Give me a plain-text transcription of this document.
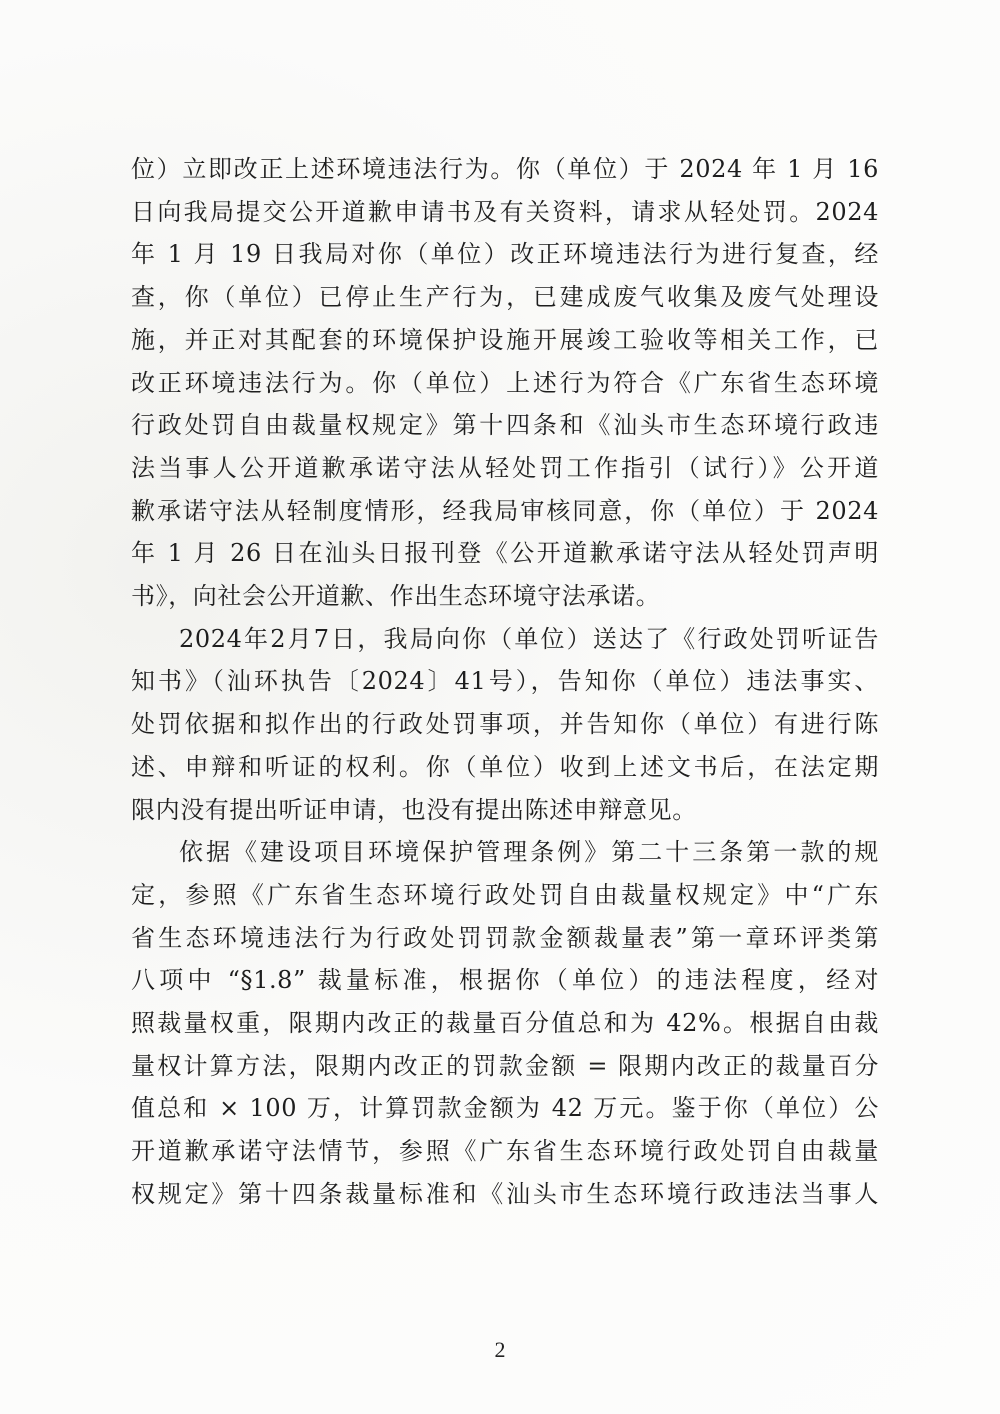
位）立即改正上述环境违法行为。你（单位）于 2024 年 1 月 16
日向我局提交公开道歉申请书及有关资料，请求从轻处罚。2024
年 1 月 19 日我局对你（单位）改正环境违法行为进行复查，经
查，你（单位）已停止生产行为，已建成废气收集及废气处理设
施，并正对其配套的环境保护设施开展竣工验收等相关工作，已
改正环境违法行为。你（单位）上述行为符合《广东省生态环境
行政处罚自由裁量权规定》第十四条和《汕头市生态环境行政违
法当事人公开道歉承诺守法从轻处罚工作指引（试行）》公开道
歉承诺守法从轻制度情形，经我局审核同意，你（单位）于 2024
年 1 月 26 日在汕头日报刊登《公开道歉承诺守法从轻处罚声明
书》，向社会公开道歉、作出生态环境守法承诺。

2024年2月7日，我局向你（单位）送达了《行政处罚听证告
知书》（汕环执告〔2024〕41号），告知你（单位）违法事实、
处罚依据和拟作出的行政处罚事项，并告知你（单位）有进行陈
述、申辩和听证的权利。你（单位）收到上述文书后，在法定期
限内没有提出听证申请，也没有提出陈述申辩意见。

依据《建设项目环境保护管理条例》第二十三条第一款的规
定，参照《广东省生态环境行政处罚自由裁量权规定》中“广东
省生态环境违法行为行政处罚罚款金额裁量表”第一章环评类第
八项中 “§1.8” 裁量标准，根据你（单位）的违法程度，经对
照裁量权重，限期内改正的裁量百分值总和为 42%。根据自由裁
量权计算方法，限期内改正的罚款金额 = 限期内改正的裁量百分
值总和 × 100 万，计算罚款金额为 42 万元。鉴于你（单位）公
开道歉承诺守法情节，参照《广东省生态环境行政处罚自由裁量
权规定》第十四条裁量标准和《汕头市生态环境行政违法当事人

2
